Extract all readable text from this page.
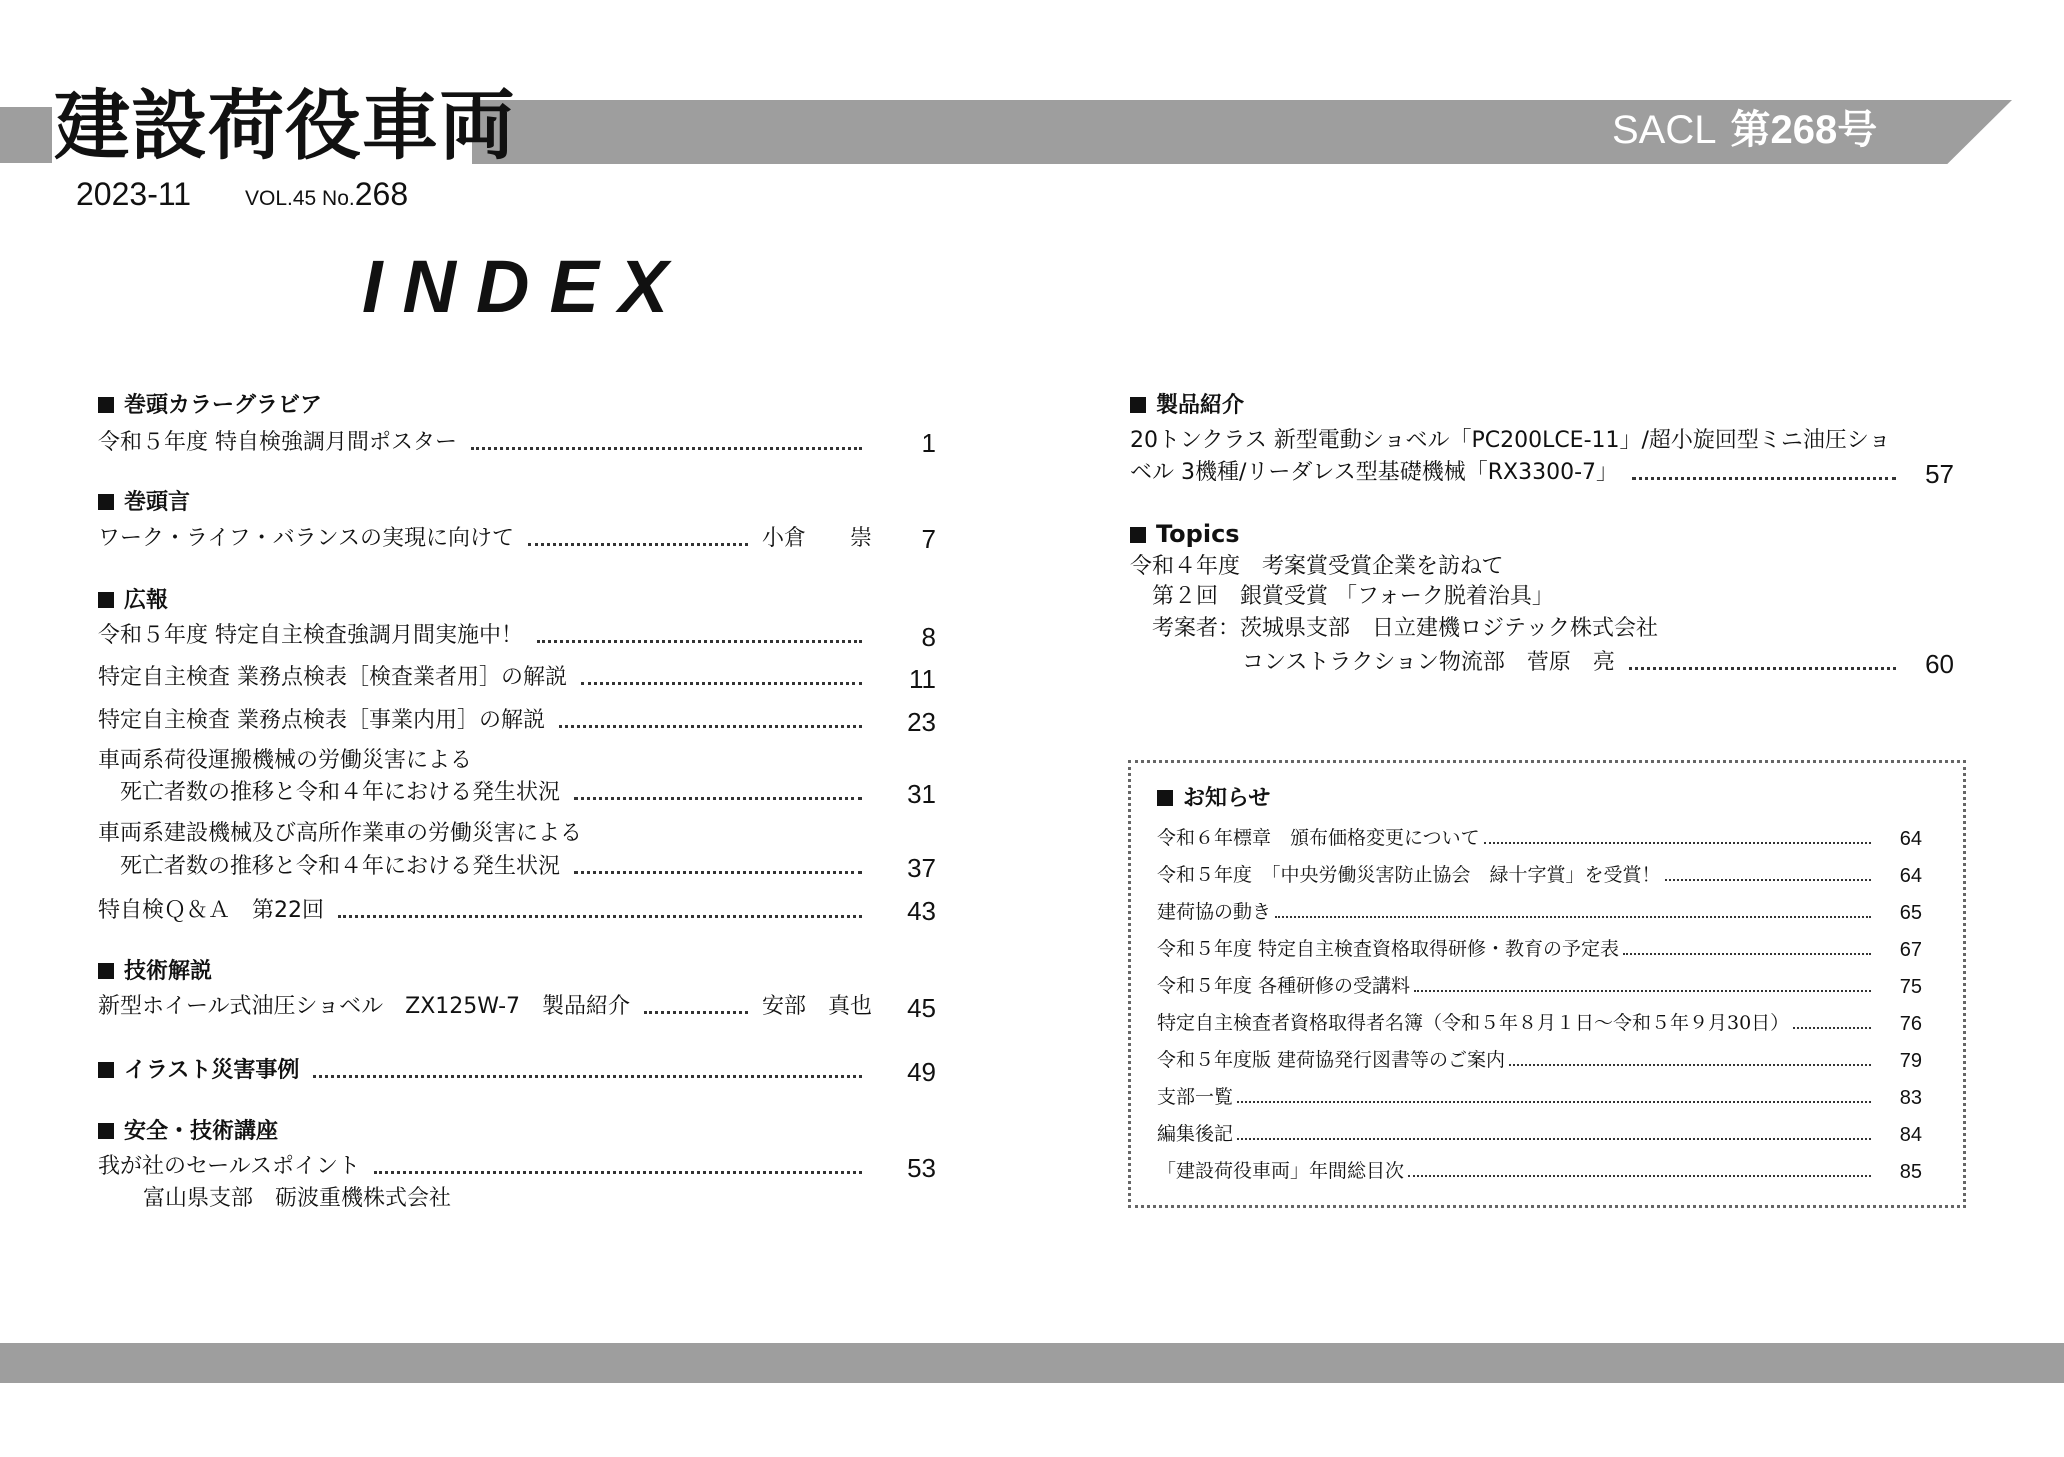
建設荷役車両	SACL 第268号
2023-11	VOL.45 No.268
INDEX
巻頭カラーグラビア
令和５年度 特自検強調月間ポスター	1
巻頭言
ワーク・ライフ・バランスの実現に向けて	小倉　　崇	7
広報
令和５年度 特定自主検査強調月間実施中！	8
特定自主検査 業務点検表［検査業者用］の解説	11
特定自主検査 業務点検表［事業内用］の解説	23
車両系荷役運搬機械の労働災害による
死亡者数の推移と令和４年における発生状況	31
車両系建設機械及び高所作業車の労働災害による
死亡者数の推移と令和４年における発生状況	37
特自検Ｑ＆Ａ　第22回	43
技術解説
新型ホイール式油圧ショベル　ZX125W-7　製品紹介	安部　真也	45
イラスト災害事例	49
安全・技術講座
我が社のセールスポイント	53
富山県支部　砺波重機株式会社
製品紹介
20トンクラス 新型電動ショベル「PC200LCE-11」/超小旋回型ミニ油圧ショ
ベル 3機種/リーダレス型基礎機械「RX3300-7」	57
Topics
令和４年度　考案賞受賞企業を訪ねて
第２回　銀賞受賞 「フォーク脱着治具」
考案者：茨城県支部　日立建機ロジテック株式会社
コンストラクション物流部　菅原　亮	60
お知らせ
令和６年標章　頒布価格変更について	64
令和５年度　「中央労働災害防止協会　緑十字賞」を受賞！	64
建荷協の動き	65
令和５年度 特定自主検査資格取得研修・教育の予定表	67
令和５年度 各種研修の受講料	75
特定自主検査者資格取得者名簿（令和５年８月１日～令和５年９月30日）	76
令和５年度版 建荷協発行図書等のご案内	79
支部一覧	83
編集後記	84
「建設荷役車両」年間総目次	85
